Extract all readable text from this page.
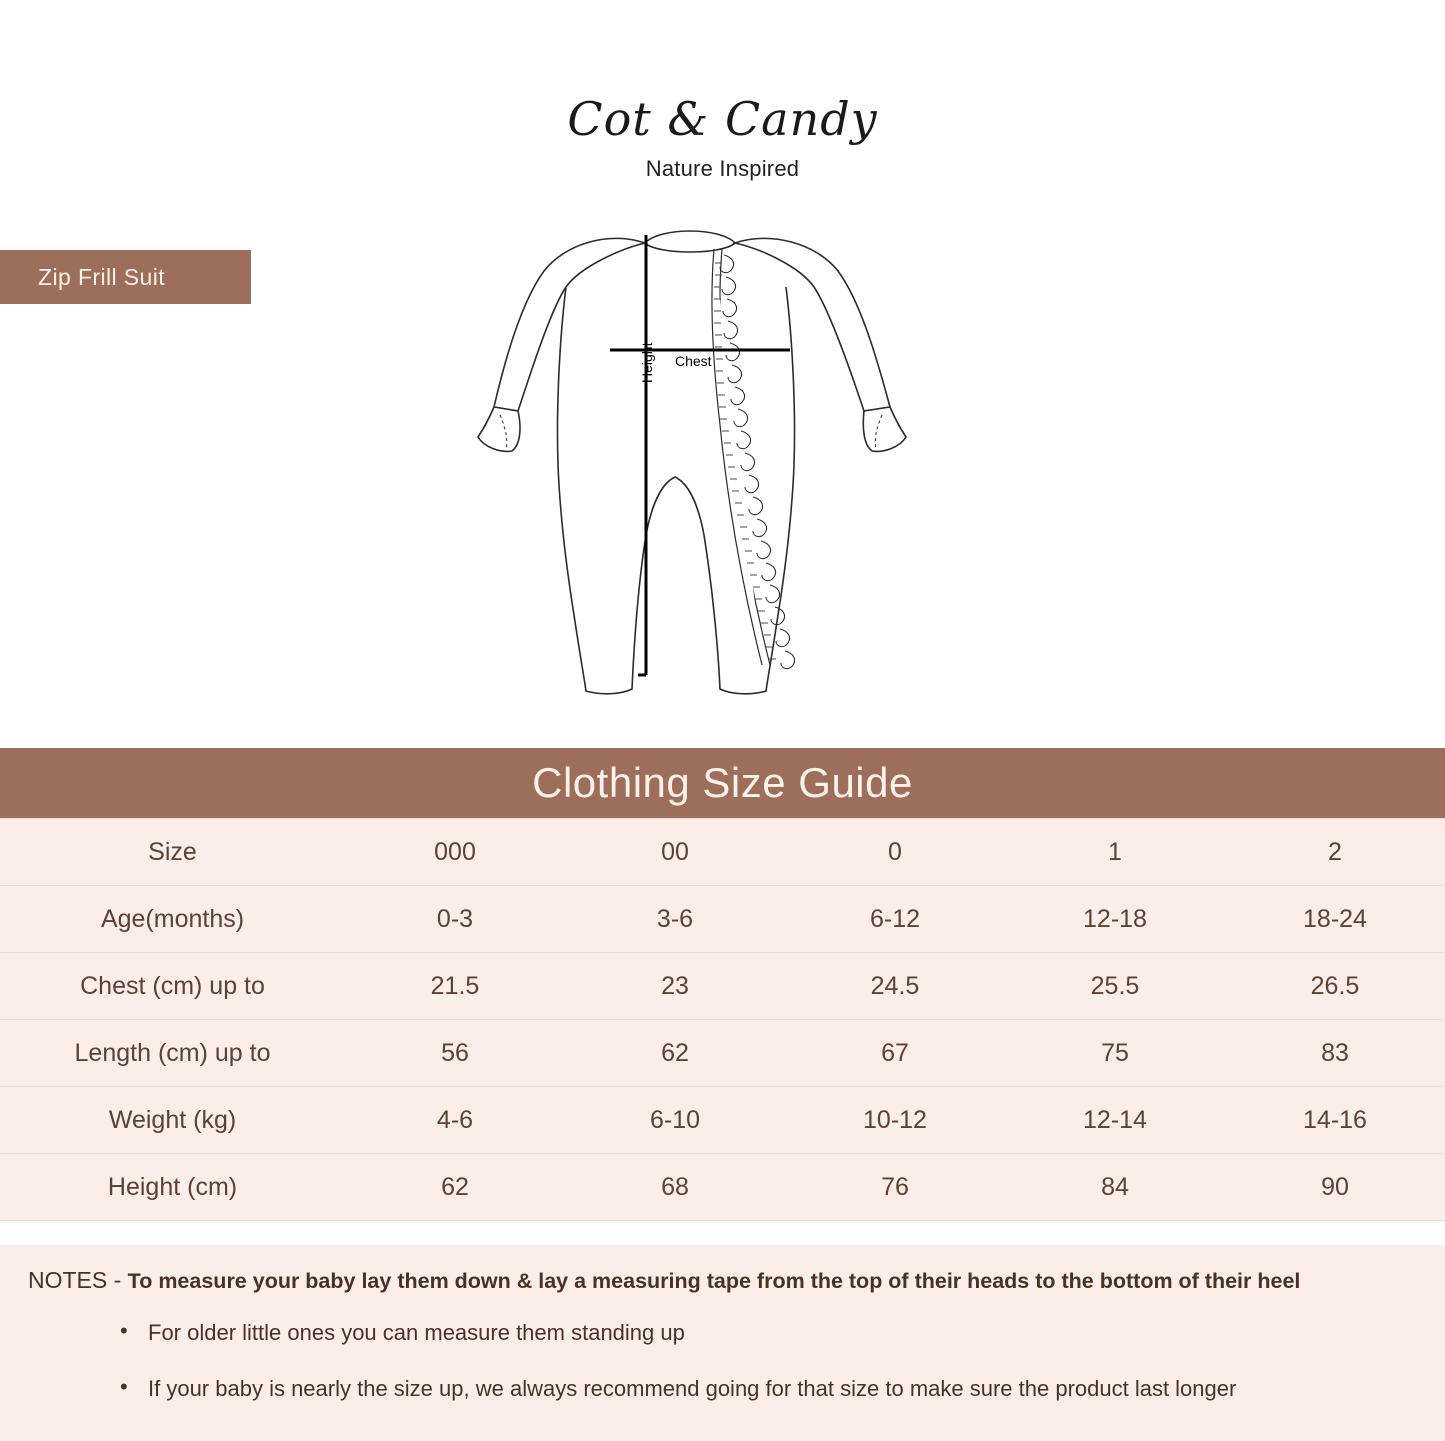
Cot & Candy
Nature Inspired
Zip Frill Suit
Chest
Height
Clothing Size Guide
Size	000	00	0	1	2
Age(months)	0-3	3-6	6-12	12-18	18-24
Chest (cm) up to	21.5	23	24.5	25.5	26.5
Length (cm) up to	56	62	67	75	83
Weight (kg)	4-6	6-10	10-12	12-14	14-16
Height (cm)	62	68	76	84	90
NOTES - To measure your baby lay them down & lay a measuring tape from the top of their heads to the bottom of their heel
• For older little ones you can measure them standing up
• If your baby is nearly the size up, we always recommend going for that size to make sure the product last longer
